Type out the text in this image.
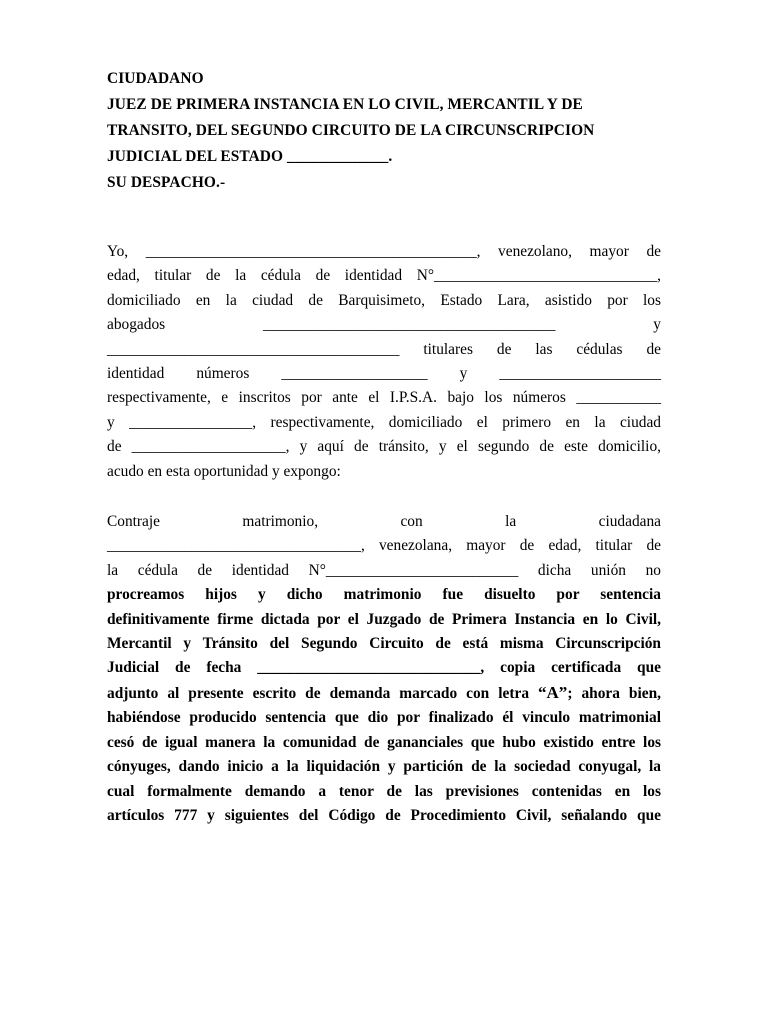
CIUDADANO
JUEZ DE PRIMERA INSTANCIA EN LO CIVIL, MERCANTIL Y DE
TRANSITO, DEL SEGUNDO CIRCUITO DE LA CIRCUNSCRIPCION
JUDICIAL DEL ESTADO _____________.
SU DESPACHO.-
Yo, ___________________________________________, venezolano, mayor de
edad, titular de la cédula de identidad N°_____________________________,
domiciliado en la ciudad de Barquisimeto, Estado Lara, asistido por los
abogados ______________________________________ y
______________________________________ titulares de las cédulas de
identidad números ___________________ y _____________________
respectivamente, e inscritos por ante el I.P.S.A. bajo los números ___________
y ________________, respectivamente, domiciliado el primero en la ciudad
de ____________________, y aquí de tránsito, y el segundo de este domicilio,
acudo en esta oportunidad y expongo:
Contraje matrimonio, con la ciudadana
_________________________________, venezolana, mayor de edad, titular de
la cédula de identidad N°_________________________ dicha unión no
procreamos hijos y dicho matrimonio fue disuelto por sentencia
definitivamente firme dictada por el Juzgado de Primera Instancia en lo Civil,
Mercantil y Tránsito del Segundo Circuito de está misma Circunscripción
Judicial de fecha _____________________________, copia certificada que
adjunto al presente escrito de demanda marcado con letra “A”; ahora bien,
habiéndose producido sentencia que dio por finalizado él vinculo matrimonial
cesó de igual manera la comunidad de gananciales que hubo existido entre los
cónyuges, dando inicio a la liquidación y partición de la sociedad conyugal, la
cual formalmente demando a tenor de las previsiones contenidas en los
artículos 777 y siguientes del Código de Procedimiento Civil, señalando que
